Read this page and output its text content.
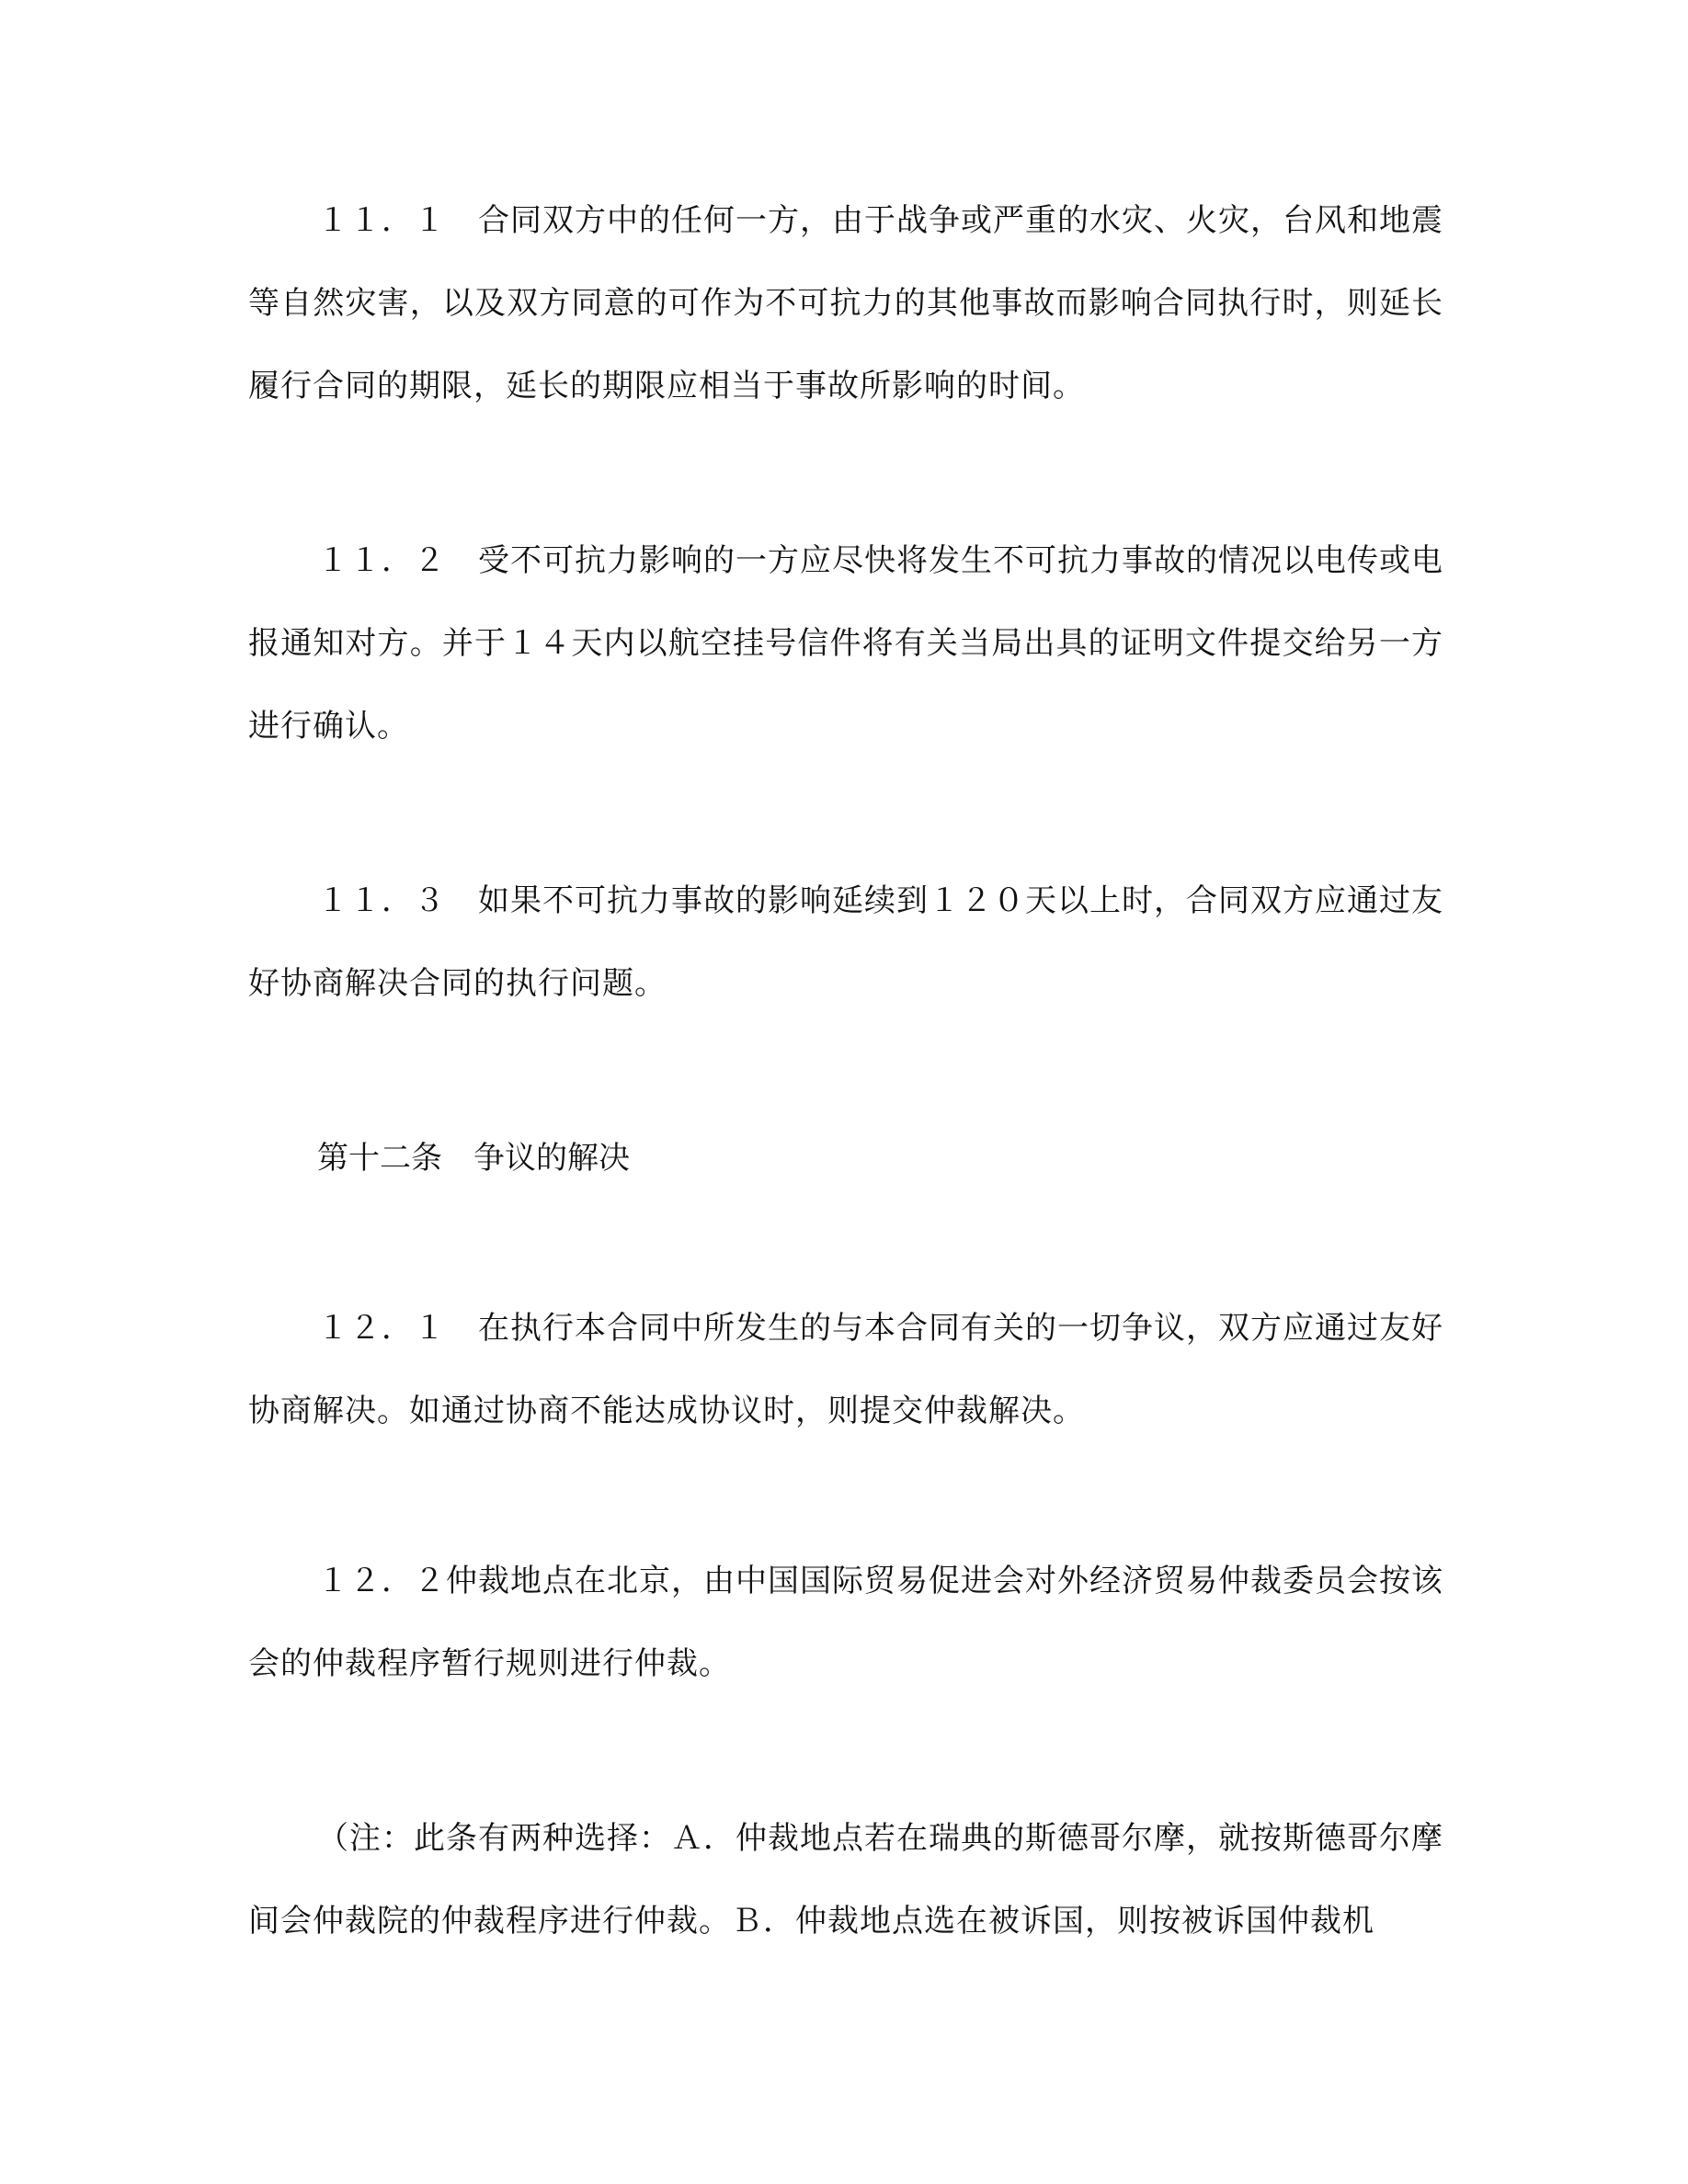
１１．１　合同双方中的任何一方，由于战争或严重的水灾、火灾，台风和地震等自然灾害，以及双方同意的可作为不可抗力的其他事故而影响合同执行时，则延长履行合同的期限，延长的期限应相当于事故所影响的时间。

１１．２　受不可抗力影响的一方应尽快将发生不可抗力事故的情况以电传或电报通知对方。并于１４天内以航空挂号信件将有关当局出具的证明文件提交给另一方进行确认。

１１．３　如果不可抗力事故的影响延续到１２０天以上时，合同双方应通过友好协商解决合同的执行问题。

第十二条　争议的解决

１２．１　在执行本合同中所发生的与本合同有关的一切争议，双方应通过友好协商解决。如通过协商不能达成协议时，则提交仲裁解决。

１２．２仲裁地点在北京，由中国国际贸易促进会对外经济贸易仲裁委员会按该会的仲裁程序暂行规则进行仲裁。

（注：此条有两种选择：Ａ．仲裁地点若在瑞典的斯德哥尔摩，就按斯德哥尔摩间会仲裁院的仲裁程序进行仲裁。Ｂ．仲裁地点选在被诉国，则按被诉国仲裁机
